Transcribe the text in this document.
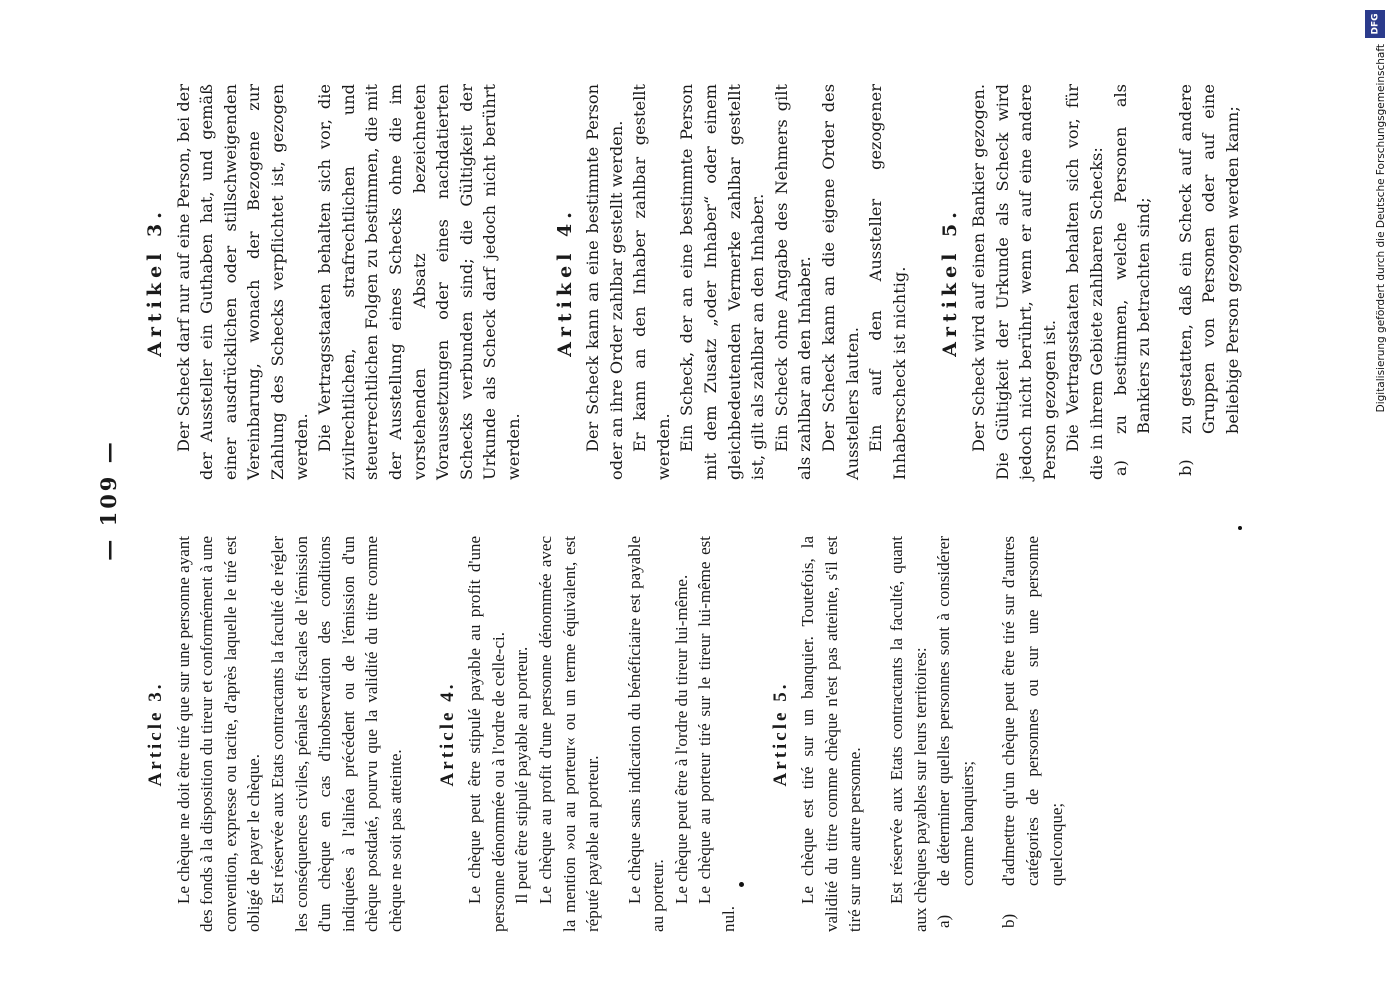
— 109 —
Article 3. Le chèque ne doit être tiré que sur une personne ayant des fonds à la disposition du tireur et conformément à une convention, expresse ou tacite, d'après laquelle le tiré est obligé de payer le chèque. Est réservée aux Etats contractants la faculté de régler les conséquences civiles, pénales et fiscales de l'émission d'un chèque en cas d'inobservation des conditions indiquées à l'alinéa précédent ou de l'émission d'un chèque postdaté, pourvu que la validité du titre comme chèque ne soit pas atteinte.

Article 4. Le chèque peut être stipulé payable au profit d'une personne dénommée ou à l'ordre de celle-ci. Il peut être stipulé payable au porteur. Le chèque au profit d'une personne dénommée avec la mention »ou au porteur« ou un terme équivalent, est réputé payable au porteur. Le chèque sans indication du bénéficiaire est payable au porteur. Le chèque peut être à l'ordre du tireur lui-même. Le chèque au porteur tiré sur le tireur lui-même est nul.

Article 5. Le chèque est tiré sur un banquier. Toutefois, la validité du titre comme chèque n'est pas atteinte, s'il est tiré sur une autre personne. Est réservée aux Etats contractants la faculté, quant aux chèques payables sur leurs territoires: a)
de déterminer quelles personnes sont à considérer comme banquiers;

b)
d'admettre qu'un chèque peut être tiré sur d'autres catégories de personnes ou sur une personne quelconque;

Artikel 3. Der Scheck darf nur auf eine Person, bei der der Aussteller ein Guthaben hat, und gemäß einer ausdrücklichen oder stillschweigenden Vereinbarung, wonach der Bezogene zur Zahlung des Schecks verpflichtet ist, gezogen werden. Die Vertragsstaaten behalten sich vor, die zivilrechtlichen, strafrechtlichen und steuerrechtlichen Folgen zu bestimmen, die mit der Ausstellung eines Schecks ohne die im vorstehenden Absatz bezeichneten Voraussetzungen oder eines nachdatierten Schecks verbunden sind; die Gültigkeit der Urkunde als Scheck darf jedoch nicht berührt werden.

Artikel 4. Der Scheck kann an eine bestimmte Person oder an ihre Order zahlbar gestellt werden. Er kann an den Inhaber zahlbar gestellt werden. Ein Scheck, der an eine bestimmte Person mit dem Zusatz „oder Inhaber“ oder einem gleichbedeutenden Vermerke zahlbar gestellt ist, gilt als zahlbar an den Inhaber. Ein Scheck ohne Angabe des Nehmers gilt als zahlbar an den Inhaber. Der Scheck kann an die eigene Order des Ausstellers lauten. Ein auf den Aussteller gezogener Inhaberscheck ist nichtig. Artikel 5. Der Scheck wird auf einen Bankier gezogen. Die Gültigkeit der Urkunde als Scheck wird jedoch nicht berührt, wenn er auf eine andere Person gezogen ist. Die Vertragsstaaten behalten sich vor, für die in ihrem Gebiete zahlbaren Schecks: a)
zu bestimmen, welche Personen als Bankiers zu betrachten sind;

b)
zu gestatten, daß ein Scheck auf andere Gruppen von Personen oder auf eine beliebige Person gezogen werden kann;

DFG
Digitalisierung gefördert durch die Deutsche Forschungsgemeinschaft
